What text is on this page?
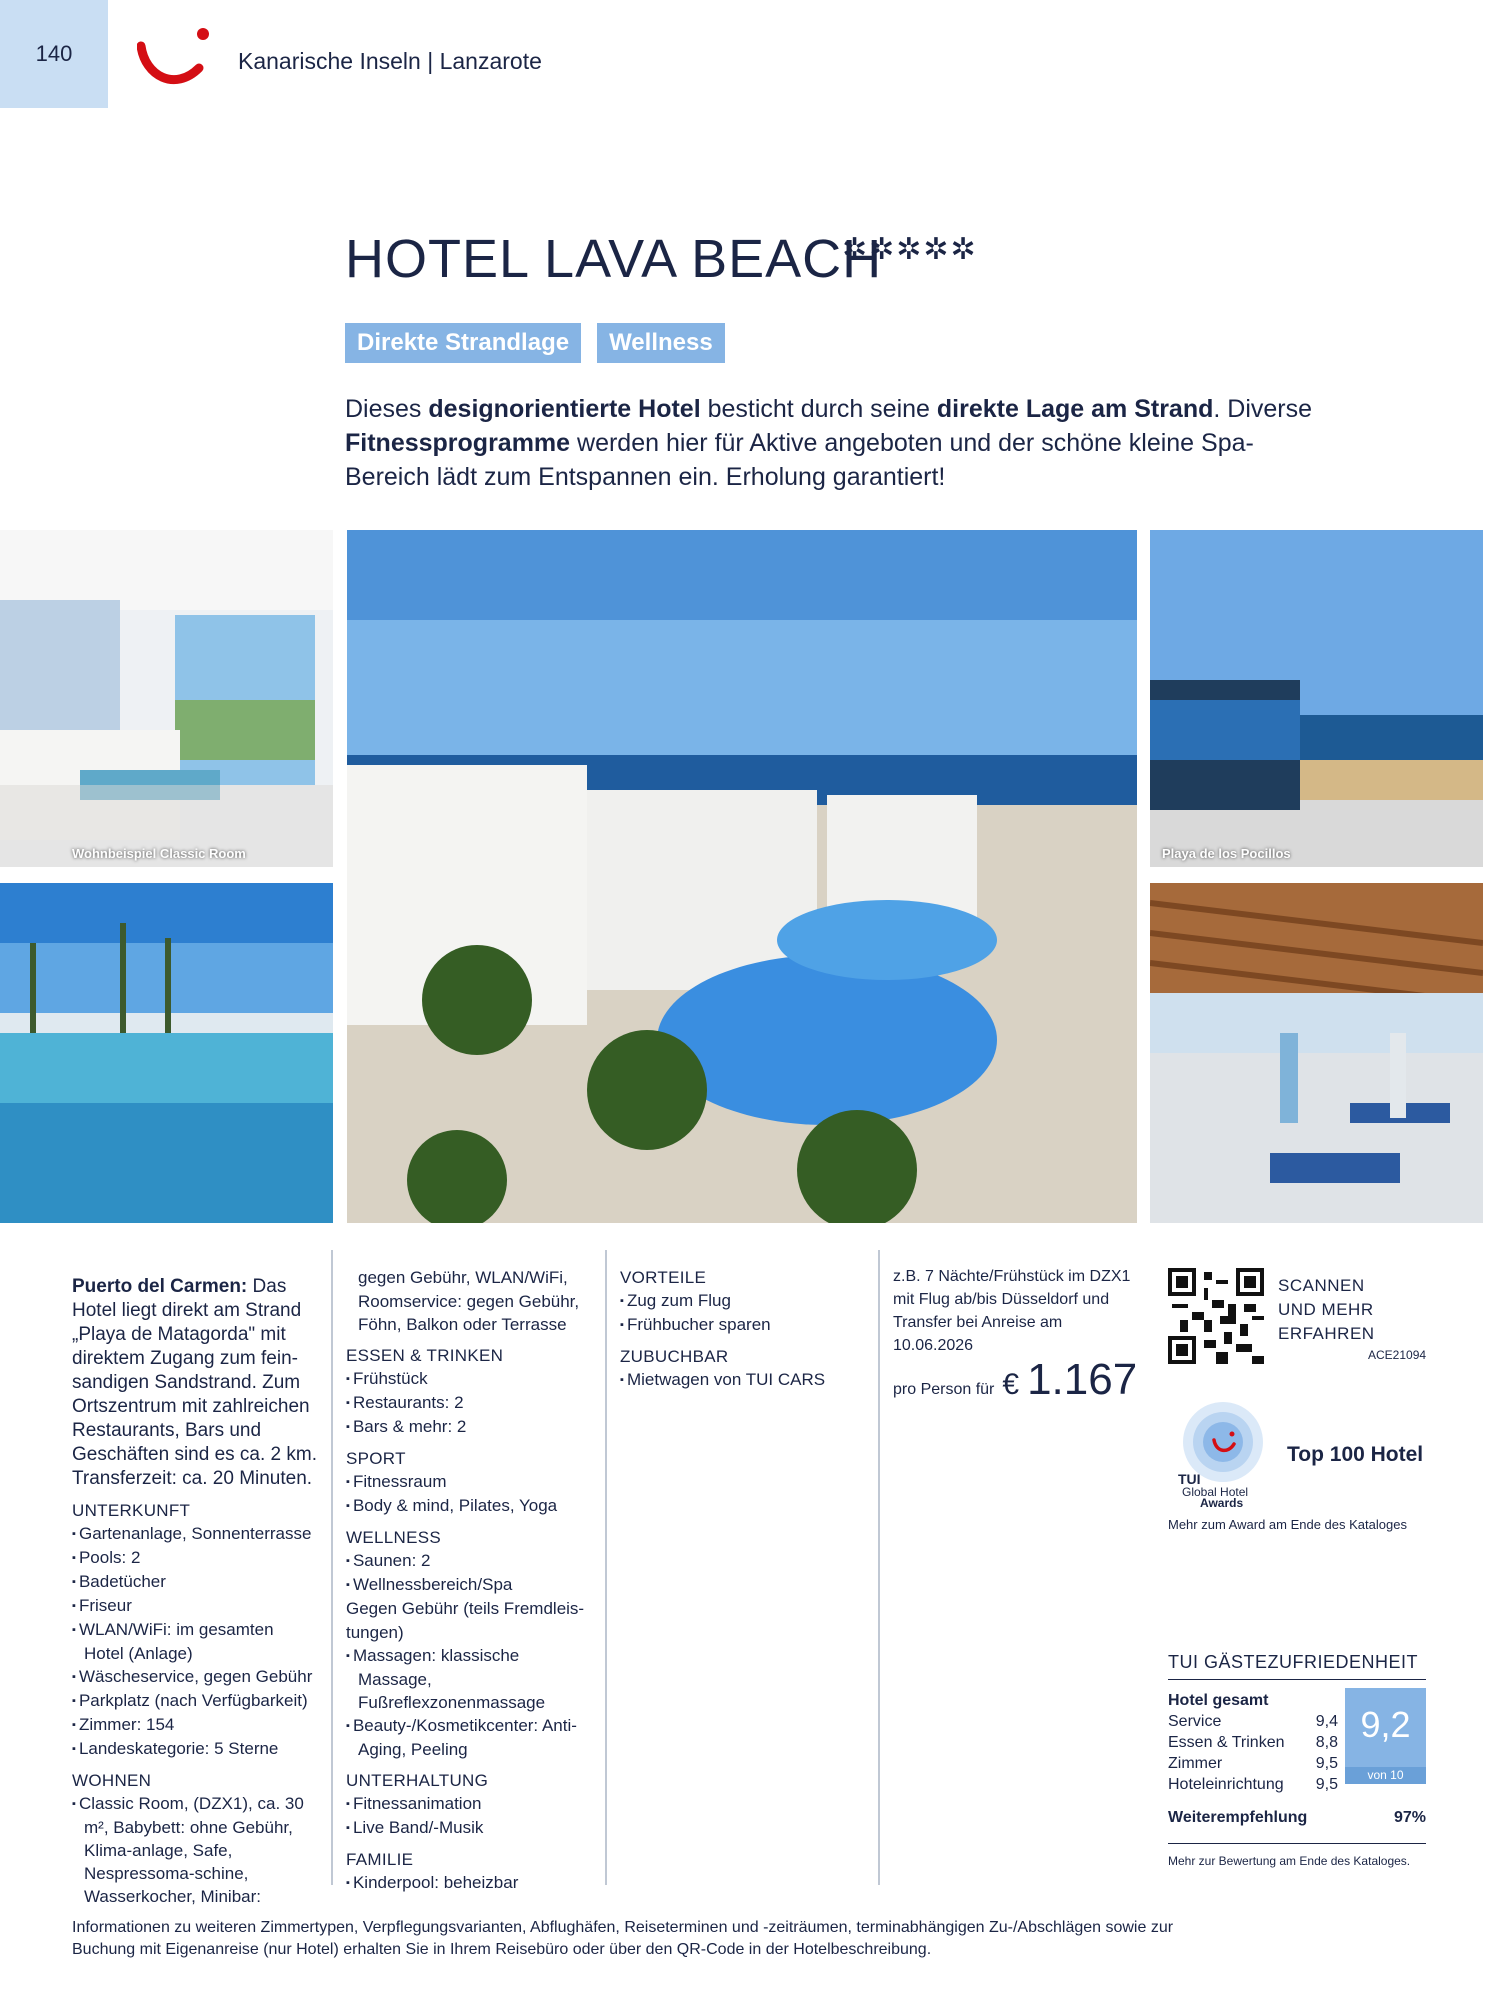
140	Kanarische Inseln | Lanzarote
HOTEL LAVA BEACH
✲✲✲✲✲
Direkte Strandlage	Wellness

Dieses designorientierte Hotel besticht durch seine direkte Lage am Strand. Diverse Fitnessprogramme werden hier für Aktive angeboten und der schöne kleine Spa-Bereich lädt zum Entspannen ein. Erholung garantiert!

Wohnbeispiel Classic Room	Playa de los Pocillos

Puerto del Carmen: Das Hotel liegt direkt am Strand „Playa de Matagorda" mit direktem Zugang zum fein-sandigen Sandstrand. Zum Ortszentrum mit zahlreichen Restaurants, Bars und Geschäften sind es ca. 2 km. Transferzeit: ca. 20 Minuten.

UNTERKUNFT
▪ Gartenanlage, Sonnenterrasse
▪ Pools: 2
▪ Badetücher
▪ Friseur
▪ WLAN/WiFi: im gesamten Hotel (Anlage)
▪ Wäscheservice, gegen Gebühr
▪ Parkplatz (nach Verfügbarkeit)
▪ Zimmer: 154
▪ Landeskategorie: 5 Sterne
WOHNEN
▪ Classic Room, (DZX1), ca. 30 m², Babybett: ohne Gebühr, Klima-anlage, Safe, Nespressoma-schine, Wasserkocher, Minibar:
gegen Gebühr, WLAN/WiFi, Roomservice: gegen Gebühr, Föhn, Balkon oder Terrasse
ESSEN & TRINKEN
▪ Frühstück
▪ Restaurants: 2
▪ Bars & mehr: 2
SPORT
▪ Fitnessraum
▪ Body & mind, Pilates, Yoga
WELLNESS
▪ Saunen: 2
▪ Wellnessbereich/Spa
Gegen Gebühr (teils Fremdleis-tungen)
▪ Massagen: klassische Massage, Fußreflexzonenmassage
▪ Beauty-/Kosmetikcenter: Anti-Aging, Peeling
UNTERHALTUNG
▪ Fitnessanimation
▪ Live Band/-Musik
FAMILIE
▪ Kinderpool: beheizbar
VORTEILE
▪ Zug zum Flug
▪ Frühbucher sparen
ZUBUCHBAR
▪ Mietwagen von TUI CARS
z.B. 7 Nächte/Frühstück im DZX1 mit Flug ab/bis Düsseldorf und Transfer bei Anreise am 10.06.2026
pro Person für € 1.167
SCANNEN
UND MEHR
ERFAHREN
ACE21094
TUI
Global Hotel
Awards
Top 100 Hotel
Mehr zum Award am Ende des Kataloges
TUI GÄSTEZUFRIEDENHEIT
Hotel gesamt
Service	9,4
Essen & Trinken 8,8
Zimmer	9,5
Hoteleinrichtung 9,5
9,2
von 10
Weiterempfehlung	97%
Mehr zur Bewertung am Ende des Kataloges.

Informationen zu weiteren Zimmertypen, Verpflegungsvarianten, Abflughäfen, Reiseterminen und -zeiträumen, terminabhängigen Zu-/Abschlägen sowie zur Buchung mit Eigenanreise (nur Hotel) erhalten Sie in Ihrem Reisebüro oder über den QR-Code in der Hotelbeschreibung.
